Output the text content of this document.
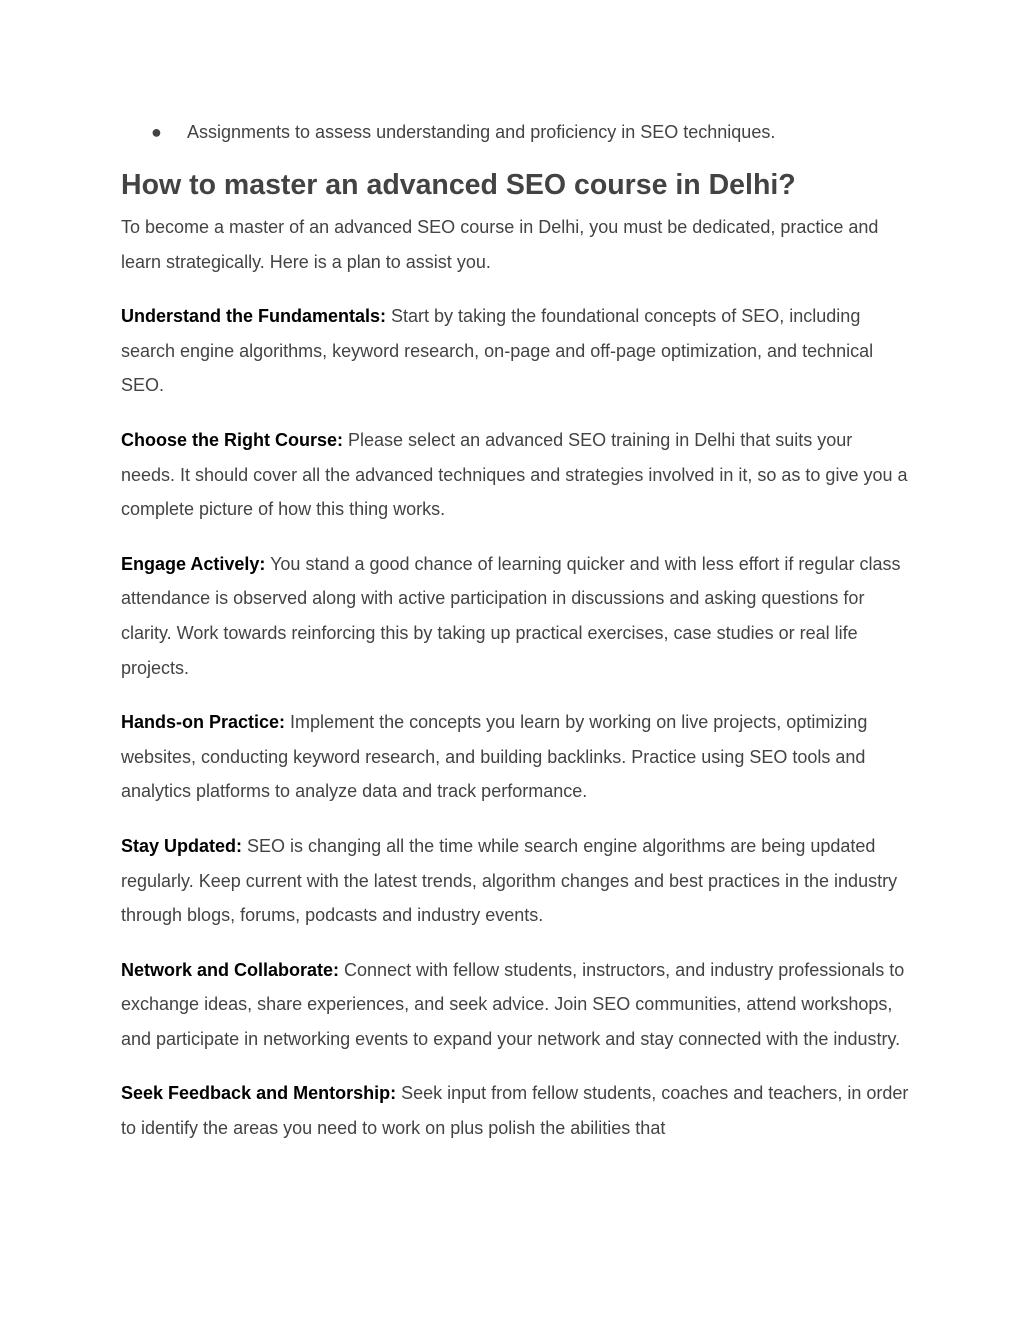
● Assignments to assess understanding and proficiency in SEO techniques.
How to master an advanced SEO course in Delhi?

To become a master of an advanced SEO course in Delhi, you must be dedicated, practice and learn strategically. Here is a plan to assist you.

Understand the Fundamentals: Start by taking the foundational concepts of SEO, including search engine algorithms, keyword research, on-page and off-page optimization, and technical SEO.

Choose the Right Course: Please select an advanced SEO training in Delhi that suits your needs. It should cover all the advanced techniques and strategies involved in it, so as to give you a complete picture of how this thing works.

Engage Actively: You stand a good chance of learning quicker and with less effort if regular class attendance is observed along with active participation in discussions and asking questions for clarity. Work towards reinforcing this by taking up practical exercises, case studies or real life projects.

Hands-on Practice: Implement the concepts you learn by working on live projects, optimizing websites, conducting keyword research, and building backlinks. Practice using SEO tools and analytics platforms to analyze data and track performance.

Stay Updated: SEO is changing all the time while search engine algorithms are being updated regularly. Keep current with the latest trends, algorithm changes and best practices in the industry through blogs, forums, podcasts and industry events.

Network and Collaborate: Connect with fellow students, instructors, and industry professionals to exchange ideas, share experiences, and seek advice. Join SEO communities, attend workshops, and participate in networking events to expand your network and stay connected with the industry.

Seek Feedback and Mentorship: Seek input from fellow students, coaches and teachers, in order to identify the areas you need to work on plus polish the abilities that
